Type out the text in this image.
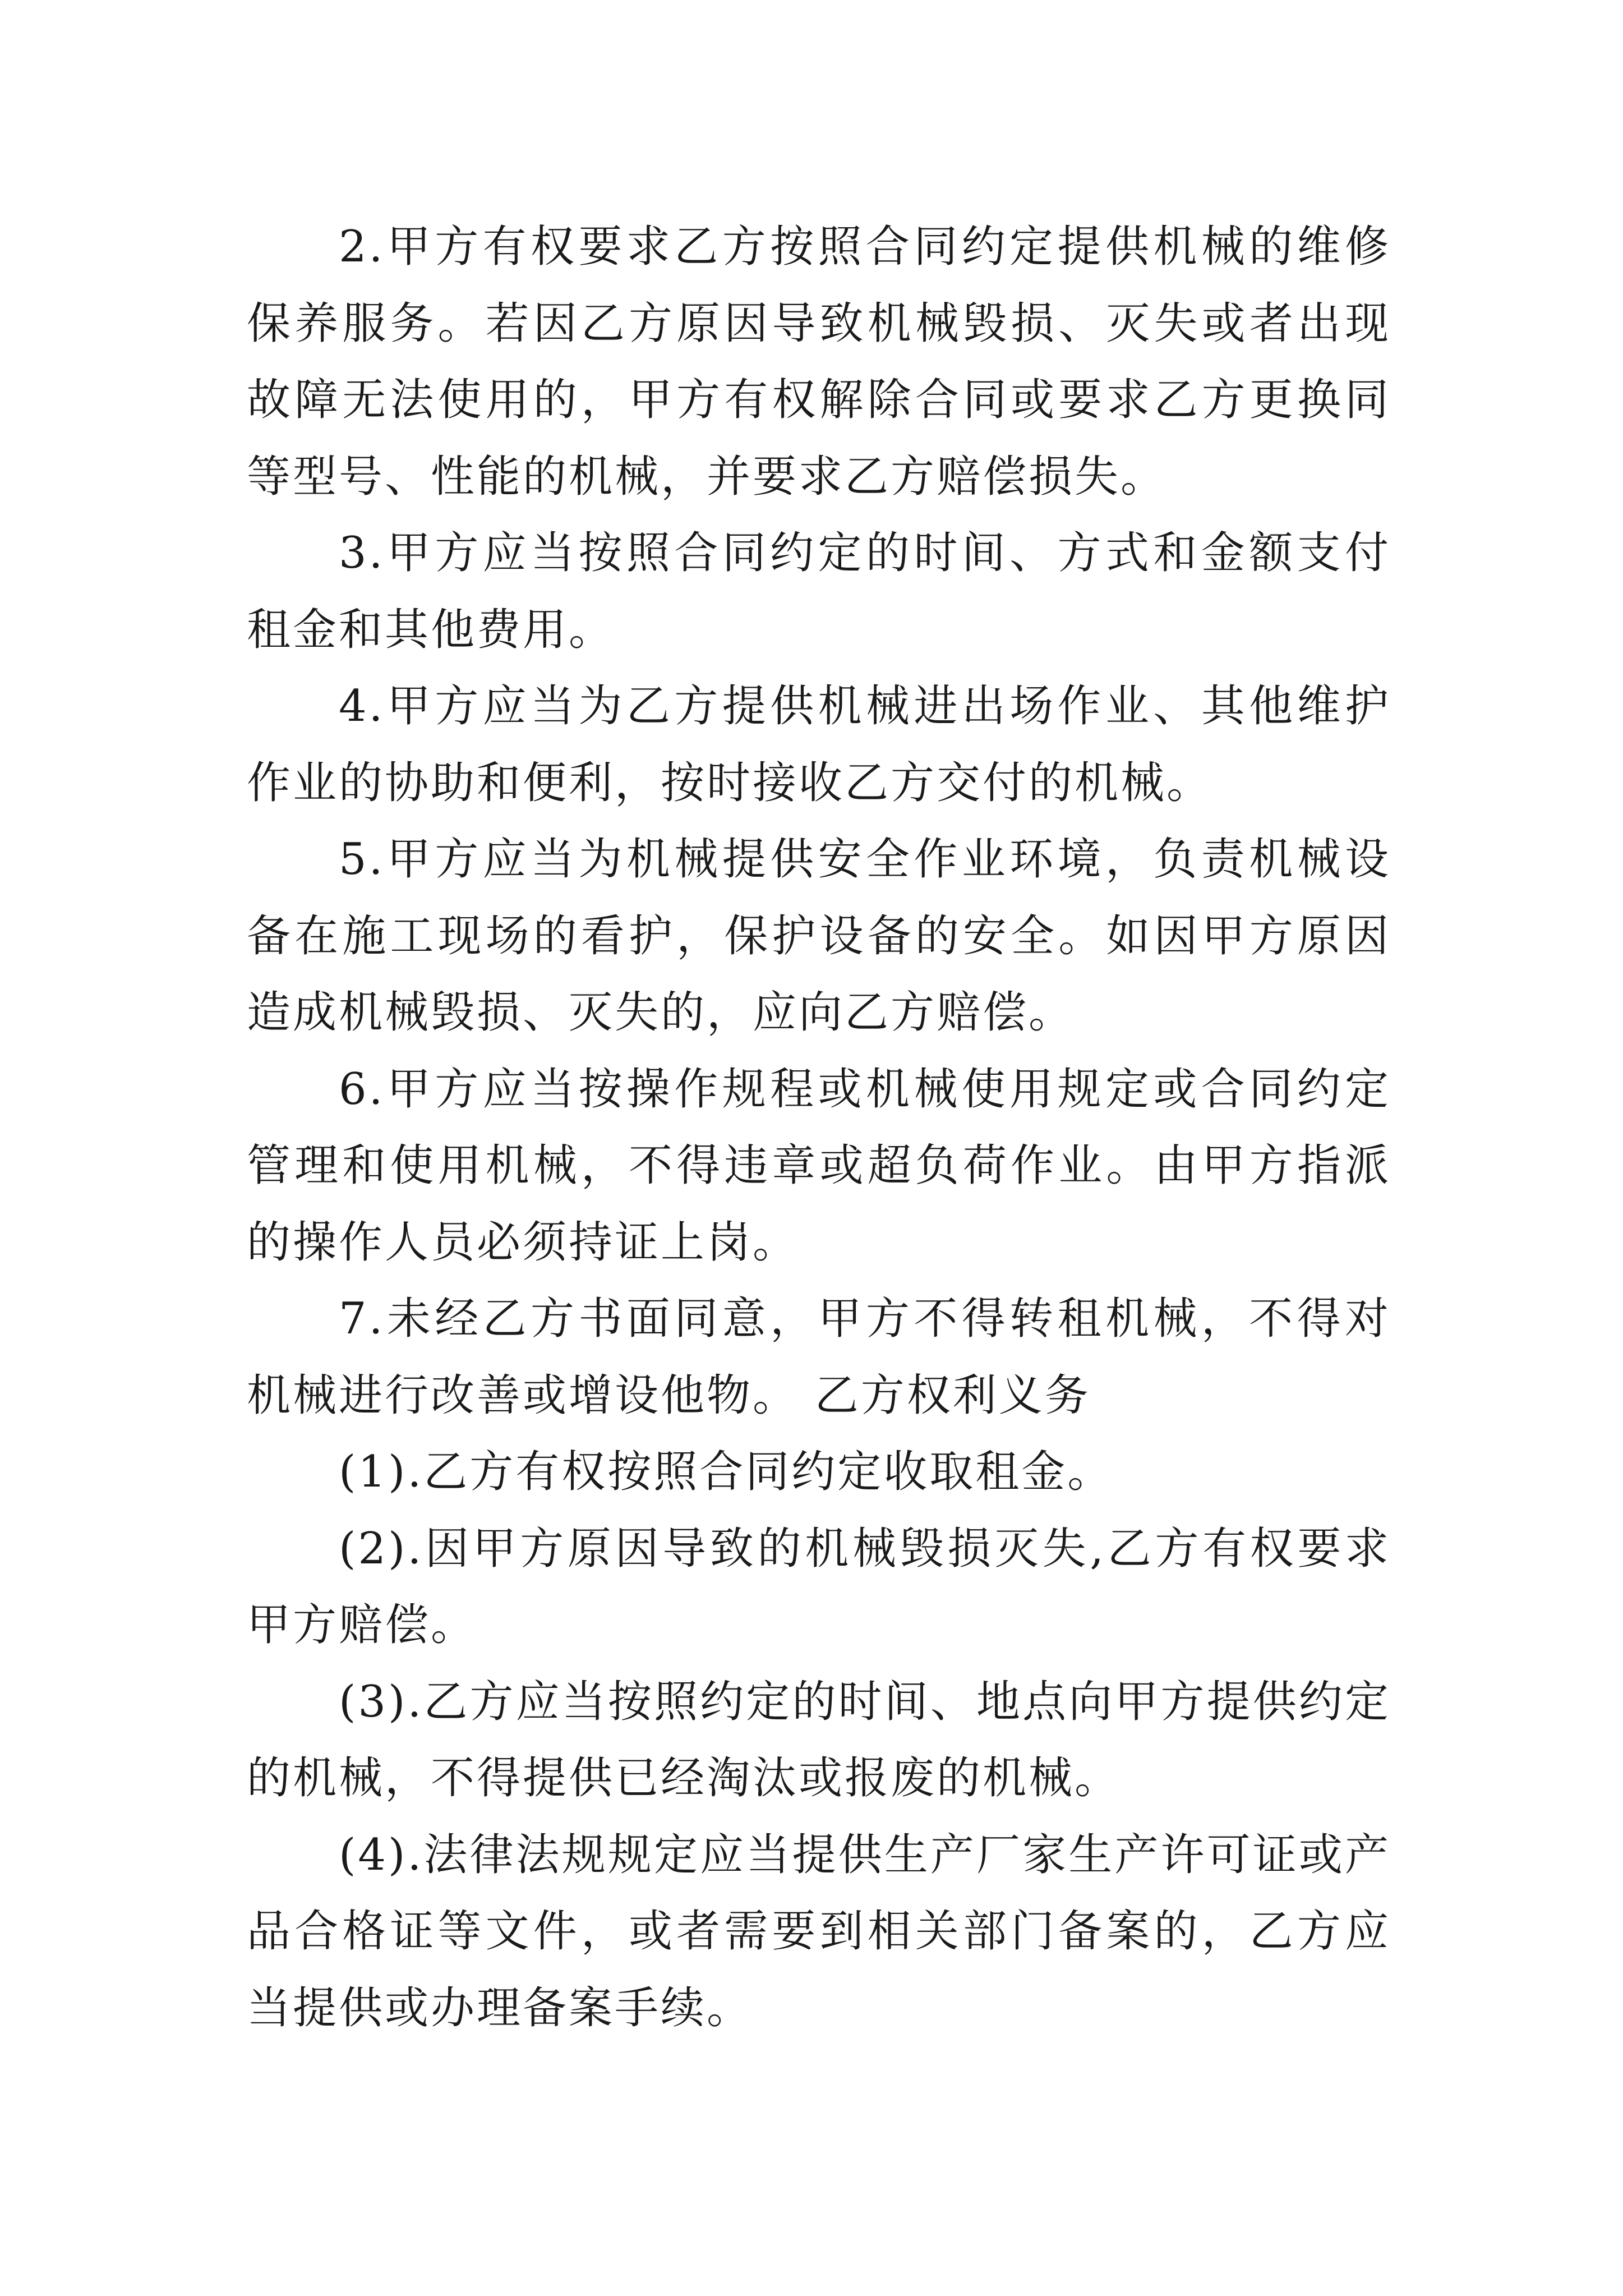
2.甲方有权要求乙方按照合同约定提供机械的维修保养服务。若因乙方原因导致机械毁损、灭失或者出现故障无法使用的，甲方有权解除合同或要求乙方更换同等型号、性能的机械，并要求乙方赔偿损失。

3.甲方应当按照合同约定的时间、方式和金额支付租金和其他费用。

4.甲方应当为乙方提供机械进出场作业、其他维护作业的协助和便利，按时接收乙方交付的机械。

5.甲方应当为机械提供安全作业环境，负责机械设备在施工现场的看护，保护设备的安全。如因甲方原因造成机械毁损、灭失的，应向乙方赔偿。

6.甲方应当按操作规程或机械使用规定或合同约定管理和使用机械，不得违章或超负荷作业。由甲方指派的操作人员必须持证上岗。

7.未经乙方书面同意，甲方不得转租机械，不得对机械进行改善或增设他物。 乙方权利义务

(1).乙方有权按照合同约定收取租金。

(2).因甲方原因导致的机械毁损灭失,乙方有权要求甲方赔偿。

(3).乙方应当按照约定的时间、地点向甲方提供约定的机械，不得提供已经淘汰或报废的机械。

(4).法律法规规定应当提供生产厂家生产许可证或产品合格证等文件，或者需要到相关部门备案的，乙方应当提供或办理备案手续。
